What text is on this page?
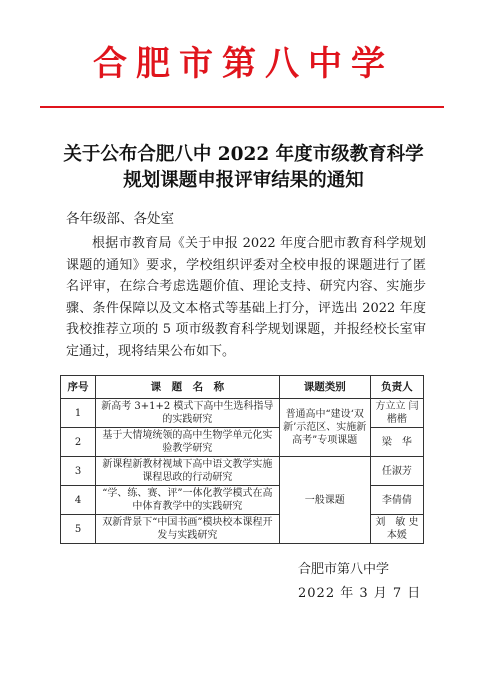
合肥市第八中学
关于公布合肥八中 2022 年度市级教育科学
规划课题申报评审结果的通知
各年级部、各处室
根据市教育局《关于申报 2022 年度合肥市教育科学规划课题的通知》要求，学校组织评委对全校申报的课题进行了匿名评审，在综合考虑选题价值、理论支持、研究内容、实施步骤、条件保障以及文本格式等基础上打分，评选出 2022 年度我校推荐立项的 5 项市级教育科学规划课题，并报经校长室审定通过，现将结果公布如下。
序号	课　题　名　称	课题类别	负责人
1	新高考 3+1+2 模式下高中生选科指导的实践研究	普通高中“建设‘双新’示范区、实施新高考”专项课题	方立立 闫楷楷
2	基于大情境统领的高中生物学单元化实验教学研究		梁　华
3	新课程新教材视域下高中语文教学实施课程思政的行动研究	一般课题	任淑芳
4	“学、练、赛、评”一体化教学模式在高中体育教学中的实践研究		李倩倩
5	双新背景下“中国书画”模块校本课程开发与实践研究		刘　敏 史本媛
合肥市第八中学
2022 年 3 月 7 日
